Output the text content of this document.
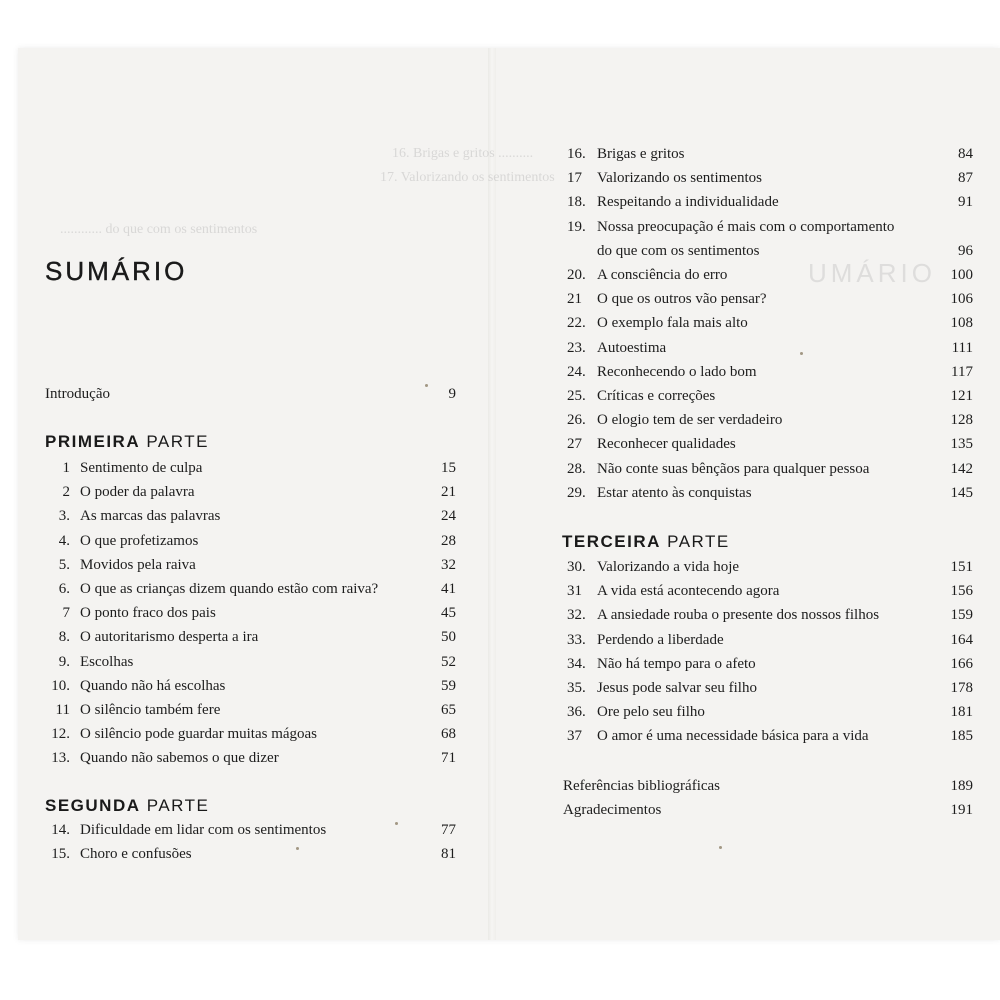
16. Brigas e gritos ..........
17. Valorizando os sentimentos
............ do que com os sentimentos
UMÁRIO
SUMÁRIO
Introdução	9
PRIMEIRA PARTE
1 Sentimento de culpa	15
2 O poder da palavra	21
3. As marcas das palavras	24
4. O que profetizamos	28
5. Movidos pela raiva	32
6. O que as crianças dizem quando estão com raiva?	41
7 O ponto fraco dos pais	45
8. O autoritarismo desperta a ira	50
9. Escolhas	52
10. Quando não há escolhas	59
11 O silêncio também fere	65
12. O silêncio pode guardar muitas mágoas	68
13. Quando não sabemos o que dizer	71
SEGUNDA PARTE
14. Dificuldade em lidar com os sentimentos	77
15. Choro e confusões	81
16. Brigas e gritos	84
17 Valorizando os sentimentos	87
18. Respeitando a individualidade	91
19. Nossa preocupação é mais com o comportamento
do que com os sentimentos	96
20. A consciência do erro	100
21 O que os outros vão pensar?	106
22. O exemplo fala mais alto	108
23. Autoestima	111
24. Reconhecendo o lado bom	117
25. Críticas e correções	121
26. O elogio tem de ser verdadeiro	128
27 Reconhecer qualidades	135
28. Não conte suas bênçãos para qualquer pessoa	142
29. Estar atento às conquistas	145
TERCEIRA PARTE
30. Valorizando a vida hoje	151
31 A vida está acontecendo agora	156
32. A ansiedade rouba o presente dos nossos filhos	159
33. Perdendo a liberdade	164
34. Não há tempo para o afeto	166
35. Jesus pode salvar seu filho	178
36. Ore pelo seu filho	181
37 O amor é uma necessidade básica para a vida	185
Referências bibliográficas	189
Agradecimentos	191
